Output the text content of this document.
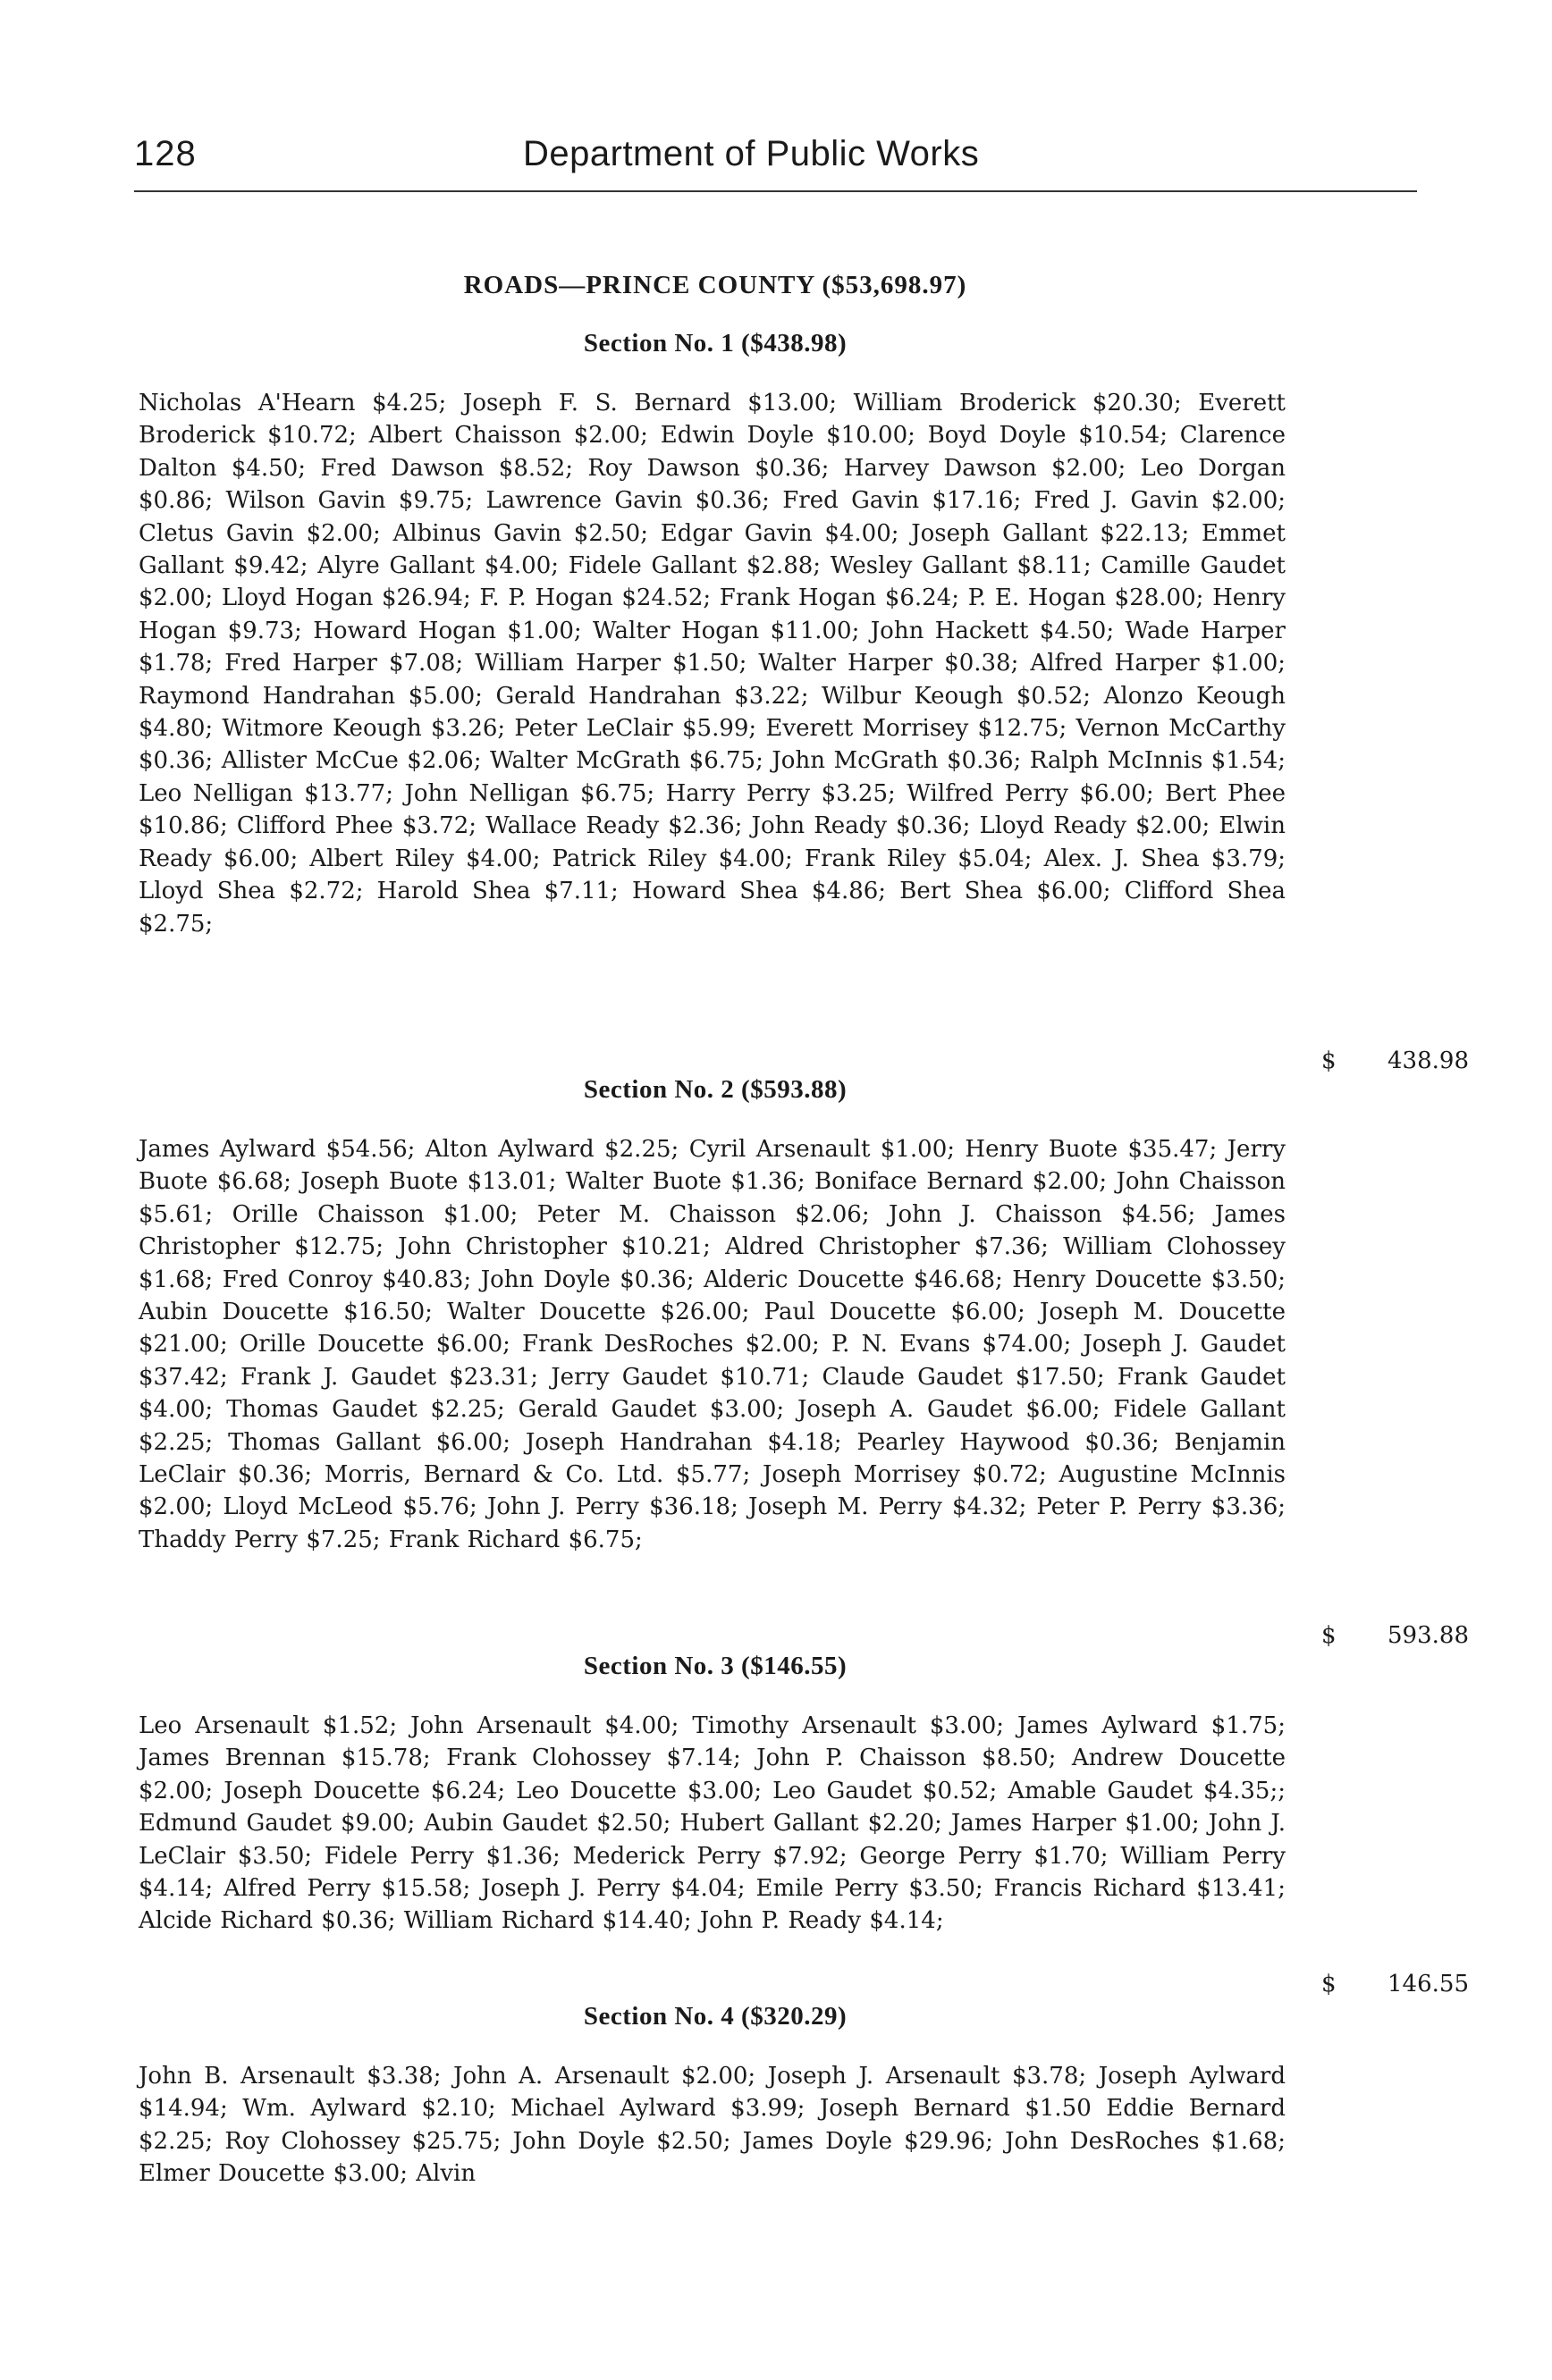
128	Department of Public Works
ROADS—PRINCE COUNTY ($53,698.97)
Section No. 1 ($438.98)
Nicholas A'Hearn $4.25; Joseph F. S. Bernard $13.00; William Broderick $20.30; Everett Broderick $10.72; Albert Chaisson $2.00; Edwin Doyle $10.00; Boyd Doyle $10.54; Clarence Dalton $4.50; Fred Dawson $8.52; Roy Dawson $0.36; Harvey Dawson $2.00; Leo Dorgan $0.86; Wilson Gavin $9.75; Lawrence Gavin $0.36; Fred Gavin $17.16; Fred J. Gavin $2.00; Cletus Gavin $2.00; Albinus Gavin $2.50; Edgar Gavin $4.00; Joseph Gallant $22.13; Emmet Gallant $9.42; Alyre Gallant $4.00; Fidele Gallant $2.88; Wesley Gallant $8.11; Camille Gaudet $2.00; Lloyd Hogan $26.94; F. P. Hogan $24.52; Frank Hogan $6.24; P. E. Hogan $28.00; Henry Hogan $9.73; Howard Hogan $1.00; Walter Hogan $11.00; John Hackett $4.50; Wade Harper $1.78; Fred Harper $7.08; William Harper $1.50; Walter Harper $0.38; Alfred Harper $1.00; Raymond Handrahan $5.00; Gerald Handrahan $3.22; Wilbur Keough $0.52; Alonzo Keough $4.80; Witmore Keough $3.26; Peter LeClair $5.99; Everett Morrisey $12.75; Vernon McCarthy $0.36; Allister McCue $2.06; Walter McGrath $6.75; John McGrath $0.36; Ralph McInnis $1.54; Leo Nelligan $13.77; John Nelligan $6.75; Harry Perry $3.25; Wilfred Perry $6.00; Bert Phee $10.86; Clifford Phee $3.72; Wallace Ready $2.36; John Ready $0.36; Lloyd Ready $2.00; Elwin Ready $6.00; Albert Riley $4.00; Patrick Riley $4.00; Frank Riley $5.04; Alex. J. Shea $3.79; Lloyd Shea $2.72; Harold Shea $7.11; Howard Shea $4.86; Bert Shea $6.00; Clifford Shea $2.75;
$ 438.98
Section No. 2 ($593.88)
James Aylward $54.56; Alton Aylward $2.25; Cyril Arsenault $1.00; Henry Buote $35.47; Jerry Buote $6.68; Joseph Buote $13.01; Walter Buote $1.36; Boniface Bernard $2.00; John Chaisson $5.61; Orille Chaisson $1.00; Peter M. Chaisson $2.06; John J. Chaisson $4.56; James Christopher $12.75; John Christopher $10.21; Aldred Christopher $7.36; William Clohossey $1.68; Fred Conroy $40.83; John Doyle $0.36; Alderic Doucette $46.68; Henry Doucette $3.50; Aubin Doucette $16.50; Walter Doucette $26.00; Paul Doucette $6.00; Joseph M. Doucette $21.00; Orille Doucette $6.00; Frank DesRoches $2.00; P. N. Evans $74.00; Joseph J. Gaudet $37.42; Frank J. Gaudet $23.31; Jerry Gaudet $10.71; Claude Gaudet $17.50; Frank Gaudet $4.00; Thomas Gaudet $2.25; Gerald Gaudet $3.00; Joseph A. Gaudet $6.00; Fidele Gallant $2.25; Thomas Gallant $6.00; Joseph Handrahan $4.18; Pearley Haywood $0.36; Benjamin LeClair $0.36; Morris, Bernard & Co. Ltd. $5.77; Joseph Morrisey $0.72; Augustine McInnis $2.00; Lloyd McLeod $5.76; John J. Perry $36.18; Joseph M. Perry $4.32; Peter P. Perry $3.36; Thaddy Perry $7.25; Frank Richard $6.75;
$ 593.88
Section No. 3 ($146.55)
Leo Arsenault $1.52; John Arsenault $4.00; Timothy Arsenault $3.00; James Aylward $1.75; James Brennan $15.78; Frank Clohossey $7.14; John P. Chaisson $8.50; Andrew Doucette $2.00; Joseph Doucette $6.24; Leo Doucette $3.00; Leo Gaudet $0.52; Amable Gaudet $4.35;; Edmund Gaudet $9.00; Aubin Gaudet $2.50; Hubert Gallant $2.20; James Harper $1.00; John J. LeClair $3.50; Fidele Perry $1.36; Mederick Perry $7.92; George Perry $1.70; William Perry $4.14; Alfred Perry $15.58; Joseph J. Perry $4.04; Emile Perry $3.50; Francis Richard $13.41; Alcide Richard $0.36; William Richard $14.40; John P. Ready $4.14;
$ 146.55
Section No. 4 ($320.29)
John B. Arsenault $3.38; John A. Arsenault $2.00; Joseph J. Arsenault $3.78; Joseph Aylward $14.94; Wm. Aylward $2.10; Michael Aylward $3.99; Joseph Bernard $1.50 Eddie Bernard $2.25; Roy Clohossey $25.75; John Doyle $2.50; James Doyle $29.96; John DesRoches $1.68; Elmer Doucette $3.00; Alvin
